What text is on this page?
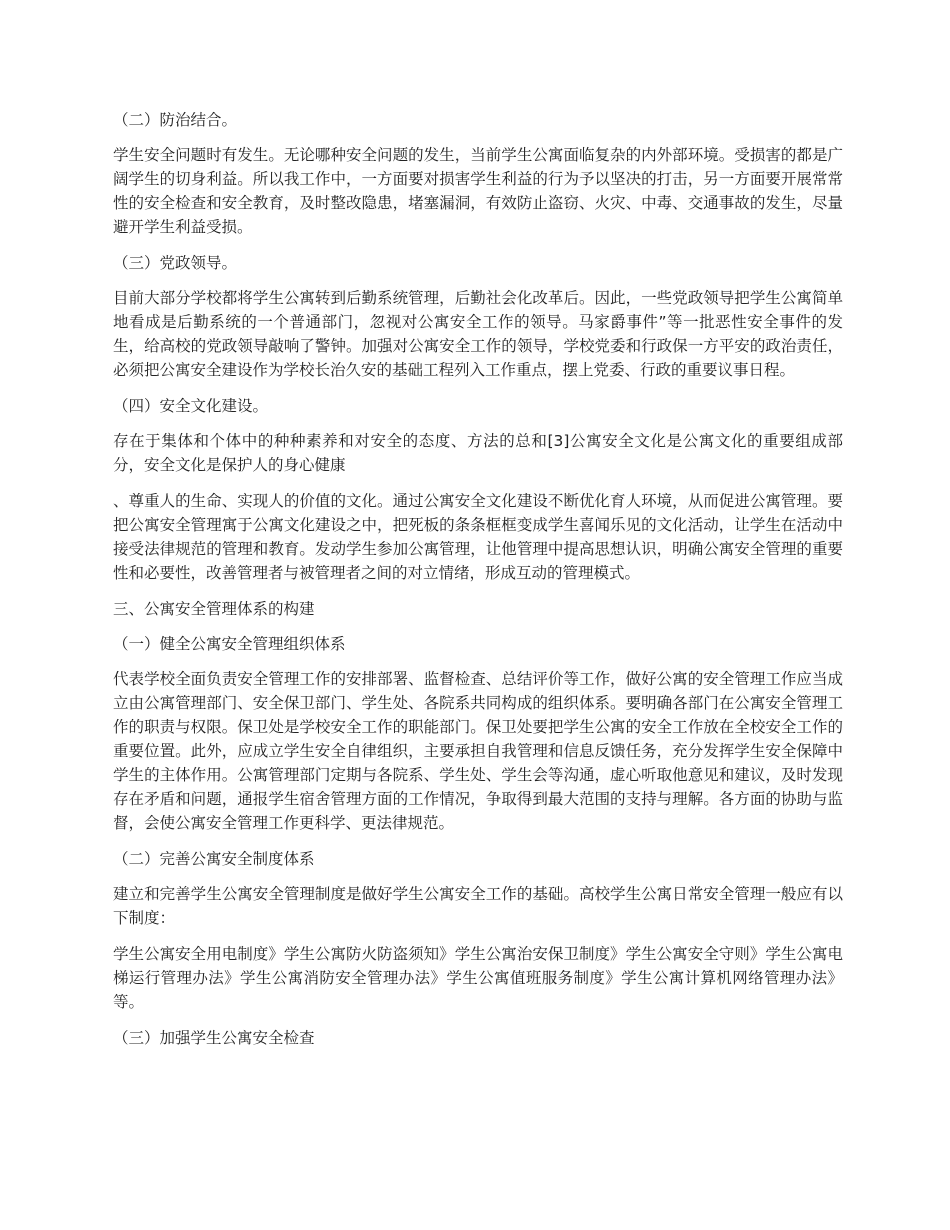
（二）防治结合。

学生安全问题时有发生。无论哪种安全问题的发生，当前学生公寓面临复杂的内外部环境。受损害的都是广阔学生的切身利益。所以我工作中，一方面要对损害学生利益的行为予以坚决的打击，另一方面要开展常常性的安全检查和安全教育，及时整改隐患，堵塞漏洞，有效防止盗窃、火灾、中毒、交通事故的发生，尽量避开学生利益受损。

（三）党政领导。

目前大部分学校都将学生公寓转到后勤系统管理，后勤社会化改革后。因此，一些党政领导把学生公寓简单地看成是后勤系统的一个普通部门，忽视对公寓安全工作的领导。马家爵事件”等一批恶性安全事件的发生，给高校的党政领导敲响了警钟。加强对公寓安全工作的领导，学校党委和行政保一方平安的政治责任，必须把公寓安全建设作为学校长治久安的基础工程列入工作重点，摆上党委、行政的重要议事日程。

（四）安全文化建设。

存在于集体和个体中的种种素养和对安全的态度、方法的总和[3]公寓安全文化是公寓文化的重要组成部分，安全文化是保护人的身心健康

、尊重人的生命、实现人的价值的文化。通过公寓安全文化建设不断优化育人环境，从而促进公寓管理。要把公寓安全管理寓于公寓文化建设之中，把死板的条条框框变成学生喜闻乐见的文化活动，让学生在活动中接受法律规范的管理和教育。发动学生参加公寓管理，让他管理中提高思想认识，明确公寓安全管理的重要性和必要性，改善管理者与被管理者之间的对立情绪，形成互动的管理模式。

三、公寓安全管理体系的构建
（一）健全公寓安全管理组织体系

代表学校全面负责安全管理工作的安排部署、监督检查、总结评价等工作，做好公寓的安全管理工作应当成立由公寓管理部门、安全保卫部门、学生处、各院系共同构成的组织体系。要明确各部门在公寓安全管理工作的职责与权限。保卫处是学校安全工作的职能部门。保卫处要把学生公寓的安全工作放在全校安全工作的重要位置。此外，应成立学生安全自律组织，主要承担自我管理和信息反馈任务，充分发挥学生安全保障中学生的主体作用。公寓管理部门定期与各院系、学生处、学生会等沟通，虚心听取他意见和建议，及时发现存在矛盾和问题，通报学生宿舍管理方面的工作情况，争取得到最大范围的支持与理解。各方面的协助与监督，会使公寓安全管理工作更科学、更法律规范。

（二）完善公寓安全制度体系

建立和完善学生公寓安全管理制度是做好学生公寓安全工作的基础。高校学生公寓日常安全管理一般应有以下制度：

学生公寓安全用电制度》学生公寓防火防盗须知》学生公寓治安保卫制度》学生公寓安全守则》学生公寓电梯运行管理办法》学生公寓消防安全管理办法》学生公寓值班服务制度》学生公寓计算机网络管理办法》等。

（三）加强学生公寓安全检查
